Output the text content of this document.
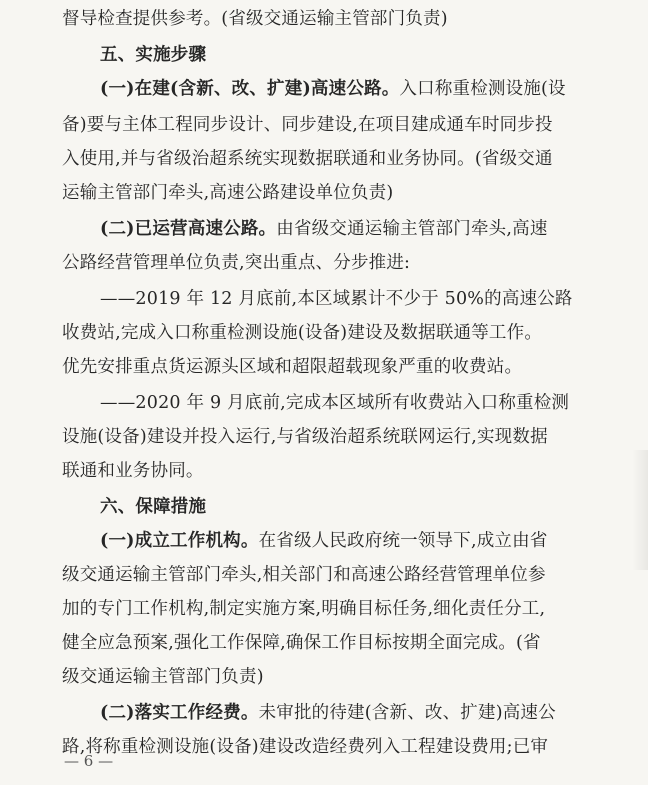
督导检查提供参考。(省级交通运输主管部门负责)
五、实施步骤
(一)在建(含新、改、扩建)高速公路。入口称重检测设施(设
备)要与主体工程同步设计、同步建设,在项目建成通车时同步投
入使用,并与省级治超系统实现数据联通和业务协同。(省级交通
运输主管部门牵头,高速公路建设单位负责)
(二)已运营高速公路。由省级交通运输主管部门牵头,高速
公路经营管理单位负责,突出重点、分步推进:
——2019 年 12 月底前,本区域累计不少于 50%的高速公路
收费站,完成入口称重检测设施(设备)建设及数据联通等工作。
优先安排重点货运源头区域和超限超载现象严重的收费站。
——2020 年 9 月底前,完成本区域所有收费站入口称重检测
设施(设备)建设并投入运行,与省级治超系统联网运行,实现数据
联通和业务协同。
六、保障措施
(一)成立工作机构。在省级人民政府统一领导下,成立由省
级交通运输主管部门牵头,相关部门和高速公路经营管理单位参
加的专门工作机构,制定实施方案,明确目标任务,细化责任分工,
健全应急预案,强化工作保障,确保工作目标按期全面完成。(省
级交通运输主管部门负责)
(二)落实工作经费。未审批的待建(含新、改、扩建)高速公
路,将称重检测设施(设备)建设改造经费列入工程建设费用;已审
— 6 —
